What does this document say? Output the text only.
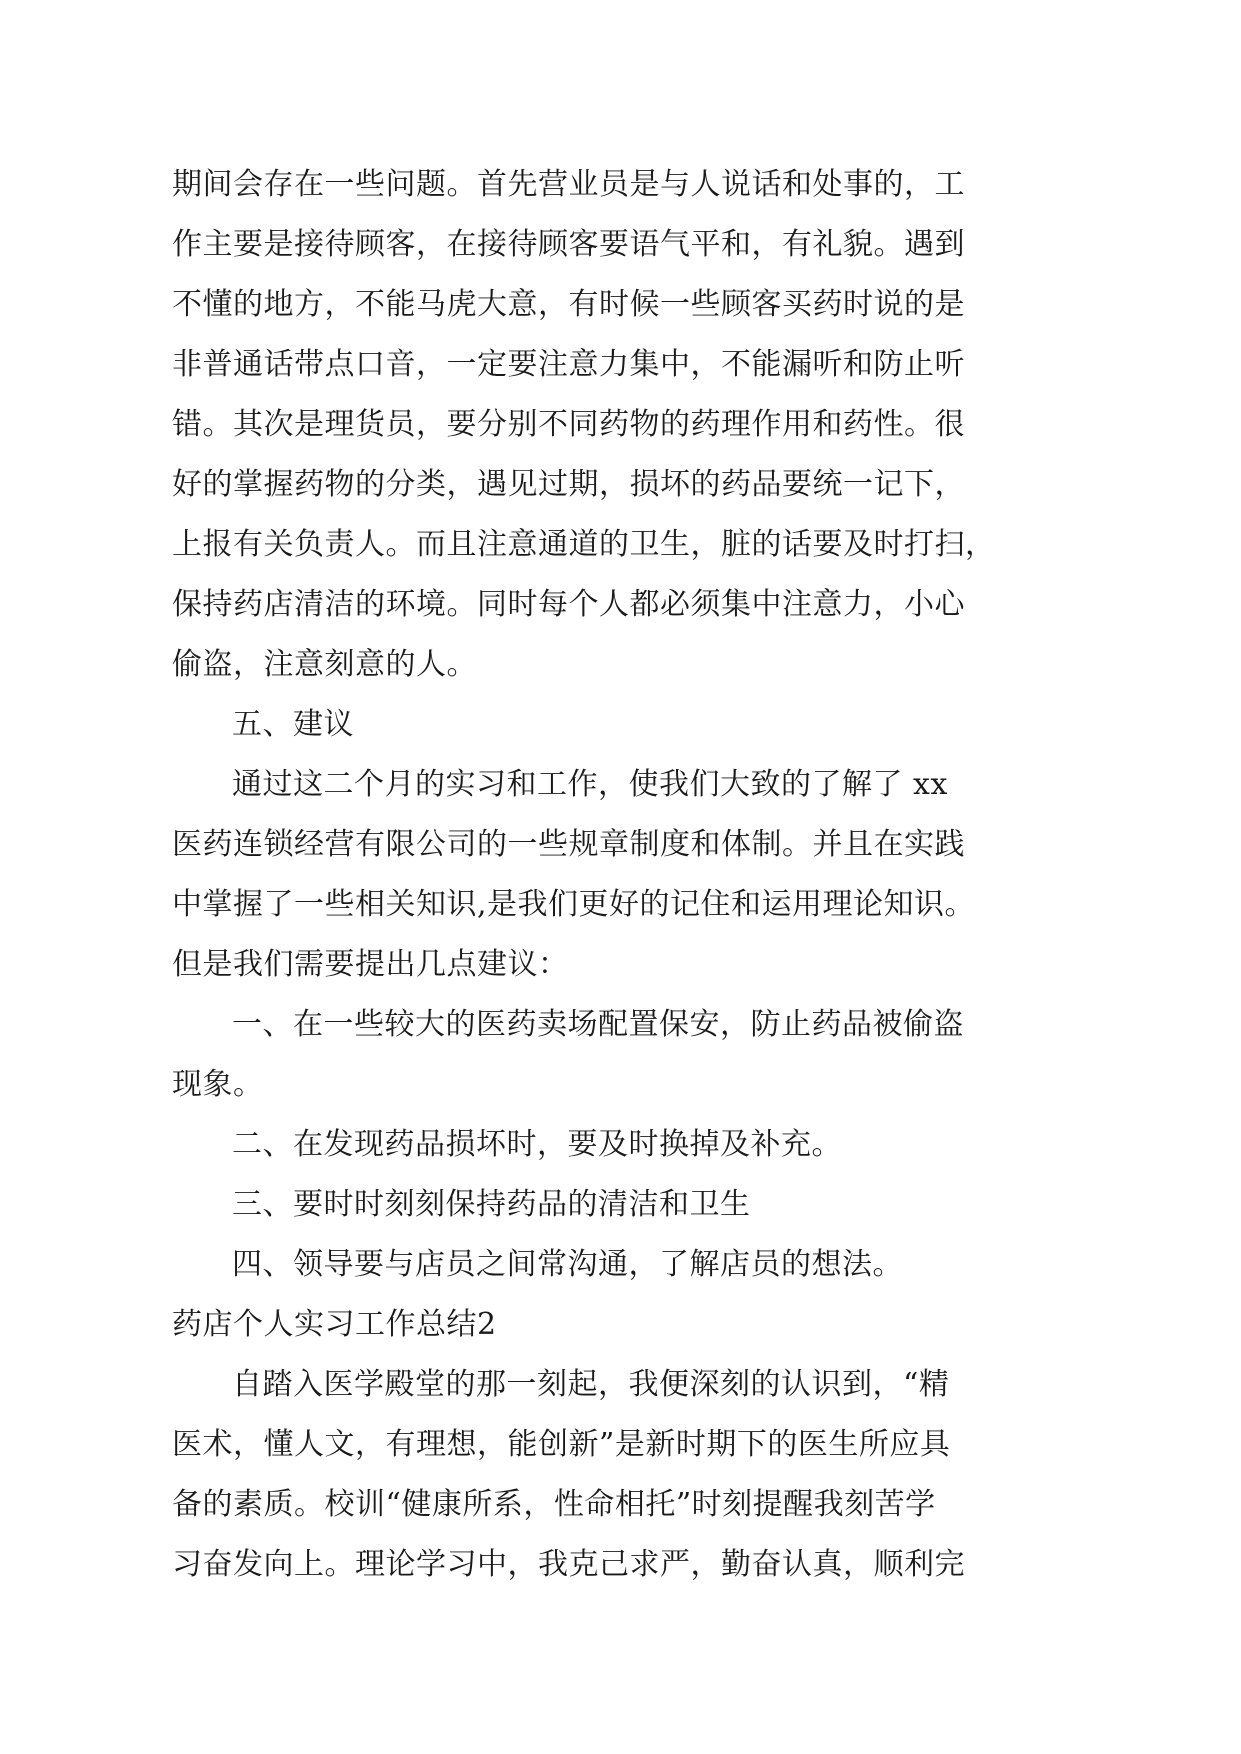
期间会存在一些问题。首先营业员是与人说话和处事的，工
作主要是接待顾客，在接待顾客要语气平和，有礼貌。遇到
不懂的地方，不能马虎大意，有时候一些顾客买药时说的是
非普通话带点口音，一定要注意力集中，不能漏听和防止听
错。其次是理货员，要分别不同药物的药理作用和药性。很
好的掌握药物的分类，遇见过期，损坏的药品要统一记下，
上报有关负责人。而且注意通道的卫生，脏的话要及时打扫，
保持药店清洁的环境。同时每个人都必须集中注意力，小心
偷盗，注意刻意的人。
五、建议
通过这二个月的实习和工作，使我们大致的了解了 xx
医药连锁经营有限公司的一些规章制度和体制。并且在实践
中掌握了一些相关知识,是我们更好的记住和运用理论知识。
但是我们需要提出几点建议：
一、在一些较大的医药卖场配置保安，防止药品被偷盗
现象。
二、在发现药品损坏时，要及时换掉及补充。
三、要时时刻刻保持药品的清洁和卫生
四、领导要与店员之间常沟通，了解店员的想法。
药店个人实习工作总结2
自踏入医学殿堂的那一刻起，我便深刻的认识到，“精
医术，懂人文，有理想，能创新”是新时期下的医生所应具
备的素质。校训“健康所系，性命相托”时刻提醒我刻苦学
习奋发向上。理论学习中，我克己求严，勤奋认真，顺利完
